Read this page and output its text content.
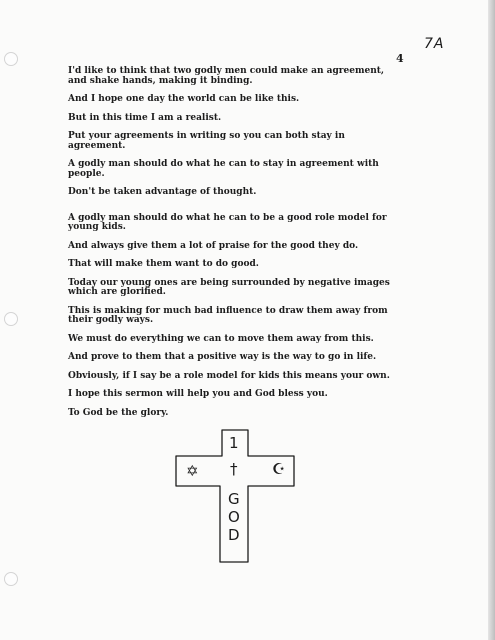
7A
4

I'd like to think that two godly men could make an agreement, and shake hands, making it binding.

And I hope one day the world can be like this.

But in this time I am a realist.

Put your agreements in writing so you can both stay in agreement.

A godly man should do what he can to stay in agreement with people.

Don't be taken advantage of thought.

A godly man should do what he can to be a good role model for young kids.

And always give them a lot of praise for the good they do.

That will make them want to do good.

Today our young ones are being surrounded by negative images which are glorified.

This is making for much bad influence to draw them away from their godly ways.

We must do everything we can to move them away from this.

And prove to them that a positive way is the way to go in life.

Obviously, if I say be a role model for kids this means your own.

I hope this sermon will help you and God bless you.

To God be the glory.

1
†
✡	☪
G
O
D
